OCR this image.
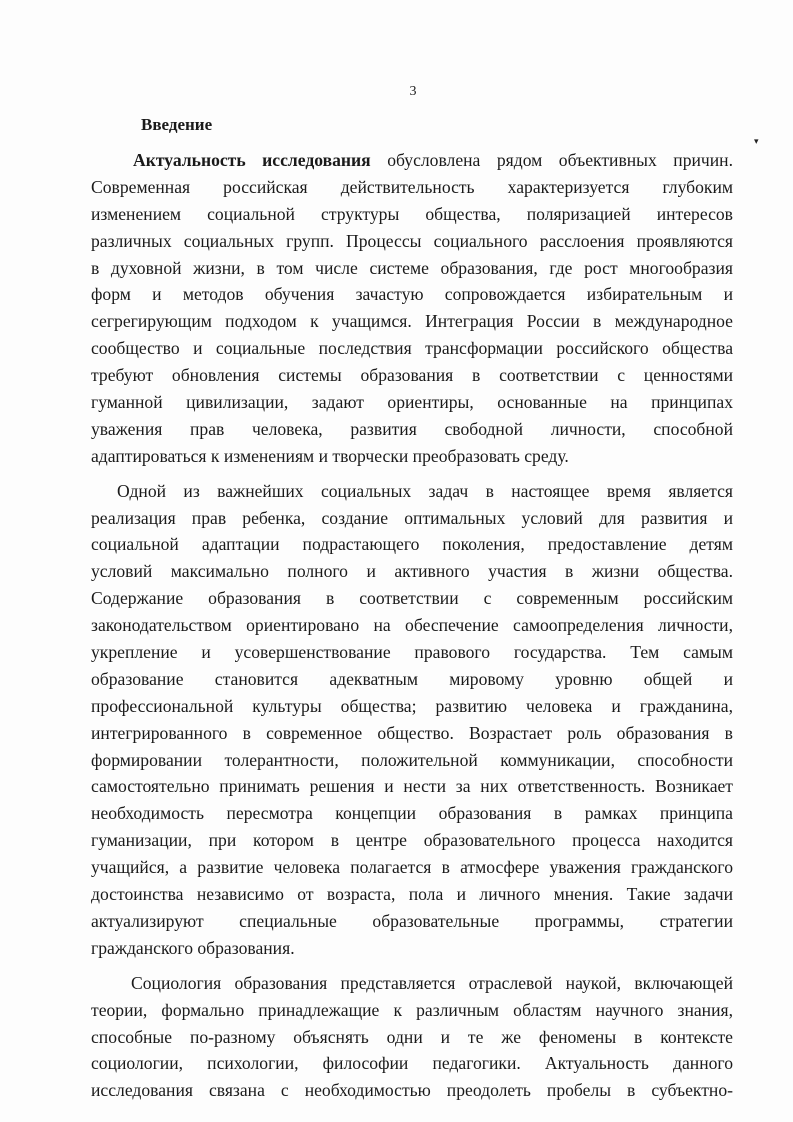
3
Введение
▾
Актуальность исследования обусловлена рядом объективных причин.
Современная российская действительность характеризуется глубоким
изменением социальной структуры общества, поляризацией интересов
различных социальных групп. Процессы социального расслоения проявляются
в духовной жизни, в том числе системе образования, где рост многообразия
форм и методов обучения зачастую сопровождается избирательным и
сегрегирующим подходом к учащимся. Интеграция России в международное
сообщество и социальные последствия трансформации российского общества
требуют обновления системы образования в соответствии с ценностями
гуманной цивилизации, задают ориентиры, основанные на принципах
уважения прав человека, развития свободной личности, способной
адаптироваться к изменениям и творчески преобразовать среду.
Одной из важнейших социальных задач в настоящее время является
реализация прав ребенка, создание оптимальных условий для развития и
социальной адаптации подрастающего поколения, предоставление детям
условий максимально полного и активного участия в жизни общества.
Содержание образования в соответствии с современным российским
законодательством ориентировано на обеспечение самоопределения личности,
укрепление и усовершенствование правового государства. Тем самым
образование становится адекватным мировому уровню общей и
профессиональной культуры общества; развитию человека и гражданина,
интегрированного в современное общество. Возрастает роль образования в
формировании толерантности, положительной коммуникации, способности
самостоятельно принимать решения и нести за них ответственность. Возникает
необходимость пересмотра концепции образования в рамках принципа
гуманизации, при котором в центре образовательного процесса находится
учащийся, а развитие человека полагается в атмосфере уважения гражданского
достоинства независимо от возраста, пола и личного мнения. Такие задачи
актуализируют специальные образовательные программы, стратегии
гражданского образования.
Социология образования представляется отраслевой наукой, включающей
теории, формально принадлежащие к различным областям научного знания,
способные по-разному объяснять одни и те же феномены в контексте
социологии, психологии, философии педагогики. Актуальность данного
исследования связана с необходимостью преодолеть пробелы в субъектно-
